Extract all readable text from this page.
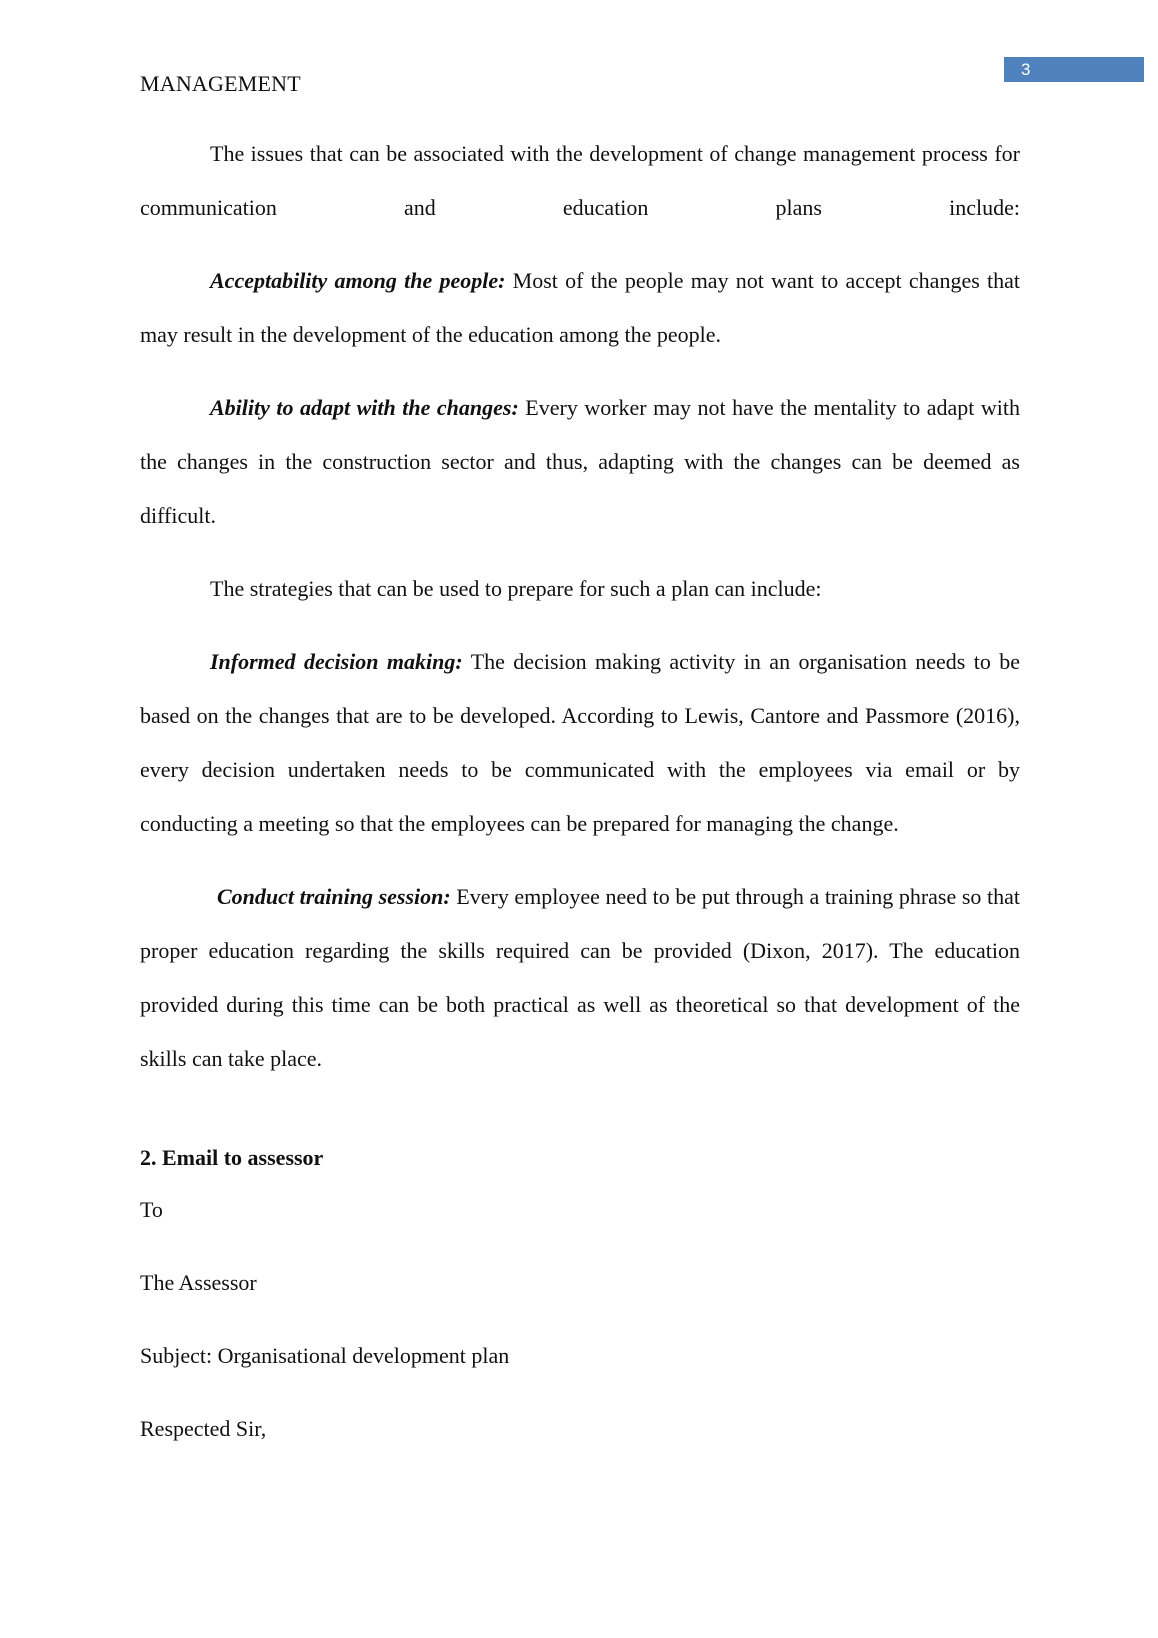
3
MANAGEMENT

The issues that can be associated with the development of change management process for communication and education plans include:

Acceptability among the people: Most of the people may not want to accept changes that may result in the development of the education among the people.

Ability to adapt with the changes: Every worker may not have the mentality to adapt with the changes in the construction sector and thus, adapting with the changes can be deemed as difficult.

The strategies that can be used to prepare for such a plan can include:

Informed decision making: The decision making activity in an organisation needs to be based on the changes that are to be developed. According to Lewis, Cantore and Passmore (2016), every decision undertaken needs to be communicated with the employees via email or by conducting a meeting so that the employees can be prepared for managing the change.

Conduct training session: Every employee need to be put through a training phrase so that proper education regarding the skills required can be provided (Dixon, 2017). The education provided during this time can be both practical as well as theoretical so that development of the skills can take place.

2. Email to assessor

To

The Assessor

Subject: Organisational development plan

Respected Sir,
